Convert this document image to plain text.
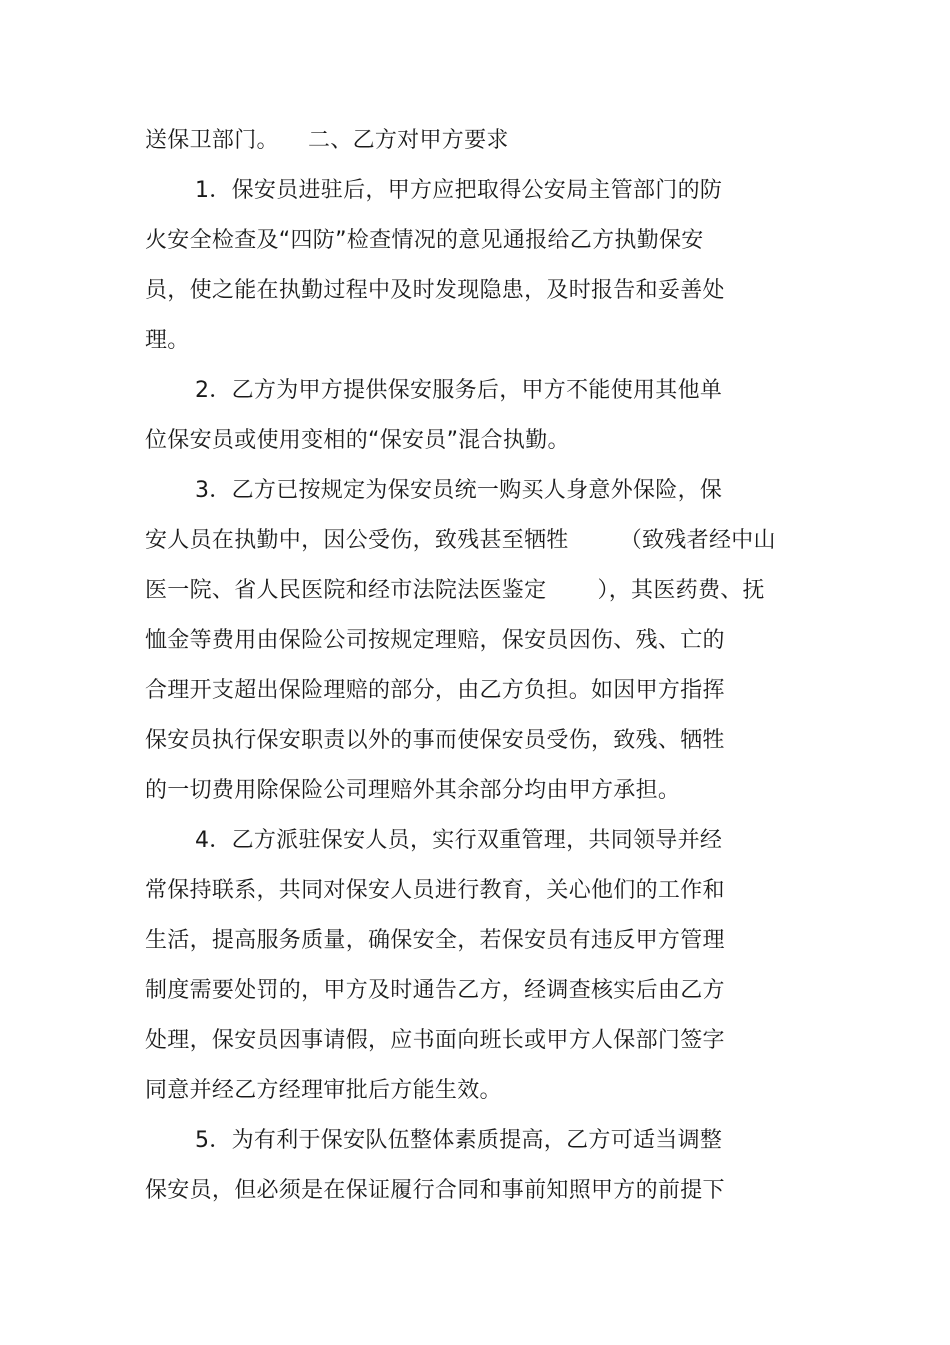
送保卫部门。    二、乙方对甲方要求
1．保安员进驻后，甲方应把取得公安局主管部门的防
火安全检查及“四防”检查情况的意见通报给乙方执勤保安
员，使之能在执勤过程中及时发现隐患，及时报告和妥善处
理。
2．乙方为甲方提供保安服务后，甲方不能使用其他单
位保安员或使用变相的“保安员”混合执勤。
3．乙方已按规定为保安员统一购买人身意外保险，保
安人员在执勤中，因公受伤，致残甚至牺牲       （致残者经中山
医一院、省人民医院和经市法院法医鉴定       ），其医药费、抚
恤金等费用由保险公司按规定理赔，保安员因伤、残、亡的
合理开支超出保险理赔的部分，由乙方负担。如因甲方指挥
保安员执行保安职责以外的事而使保安员受伤，致残、牺牲
的一切费用除保险公司理赔外其余部分均由甲方承担。
4．乙方派驻保安人员，实行双重管理，共同领导并经
常保持联系，共同对保安人员进行教育，关心他们的工作和
生活，提高服务质量，确保安全，若保安员有违反甲方管理
制度需要处罚的，甲方及时通告乙方，经调查核实后由乙方
处理，保安员因事请假，应书面向班长或甲方人保部门签字
同意并经乙方经理审批后方能生效。
5．为有利于保安队伍整体素质提高，乙方可适当调整
保安员，但必须是在保证履行合同和事前知照甲方的前提下
